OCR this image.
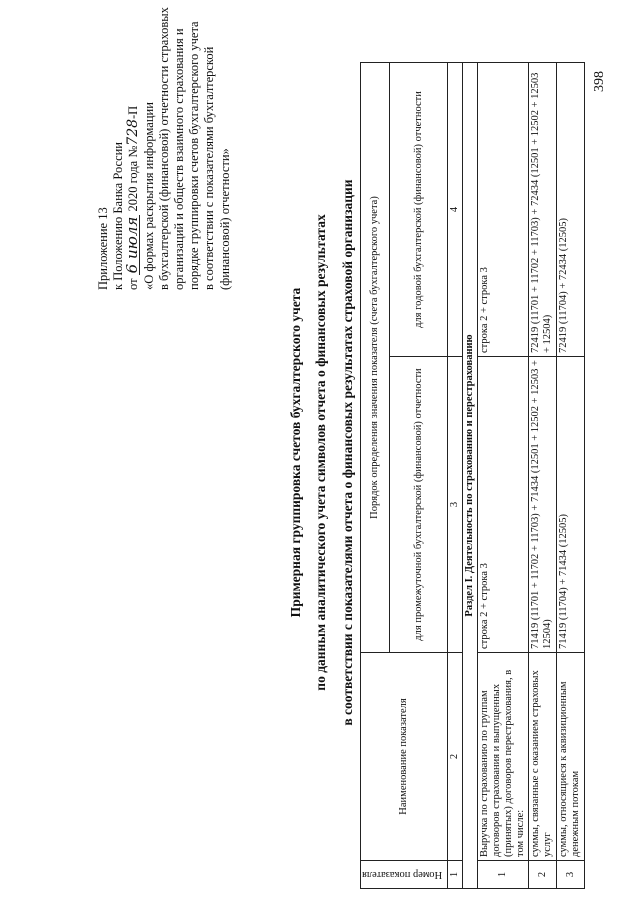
398
Приложение 13 к Положению Банка России от 6 июля 2020 года №728-П «О формах раскрытия информации в бухгалтерской (финансовой) отчетности страховых организаций и обществ взаимного страхования и порядке группировки счетов бухгалтерского учета в соответствии с показателями бухгалтерской (финансовой) отчетности»
Примерная группировка счетов бухгалтерского учета по данным аналитического учета символов отчета о финансовых результатах в соответствии с показателями отчета о финансовых результатах страховой организации
Номер показателя	Наименование показателя	Порядок определения значения показателя (счета бухгалтерского учета)	
		для промежуточной бухгалтерской (финансовой) отчетности	для годовой бухгалтерской (финансовой) отчетности
1	2	3	4
Раздел I. Деятельность по страхованию и перестрахованию			
1	Выручка по страхованию по группам договоров страхования и выпущенных (принятых) договоров перестрахования, в том числе:	строка 2 + строка 3	строка 2 + строка 3
2	суммы, связанные с оказанием страховых услуг	71419 (11701 + 11702 + 11703) + 71434 (12501 + 12502 + 12503 + 12504)	72419 (11701 + 11702 + 11703) + 72434 (12501 + 12502 + 12503 + 12504)
3	суммы, относящиеся к аквизиционным денежным потокам	71419 (11704) + 71434 (12505)	72419 (11704) + 72434 (12505)
